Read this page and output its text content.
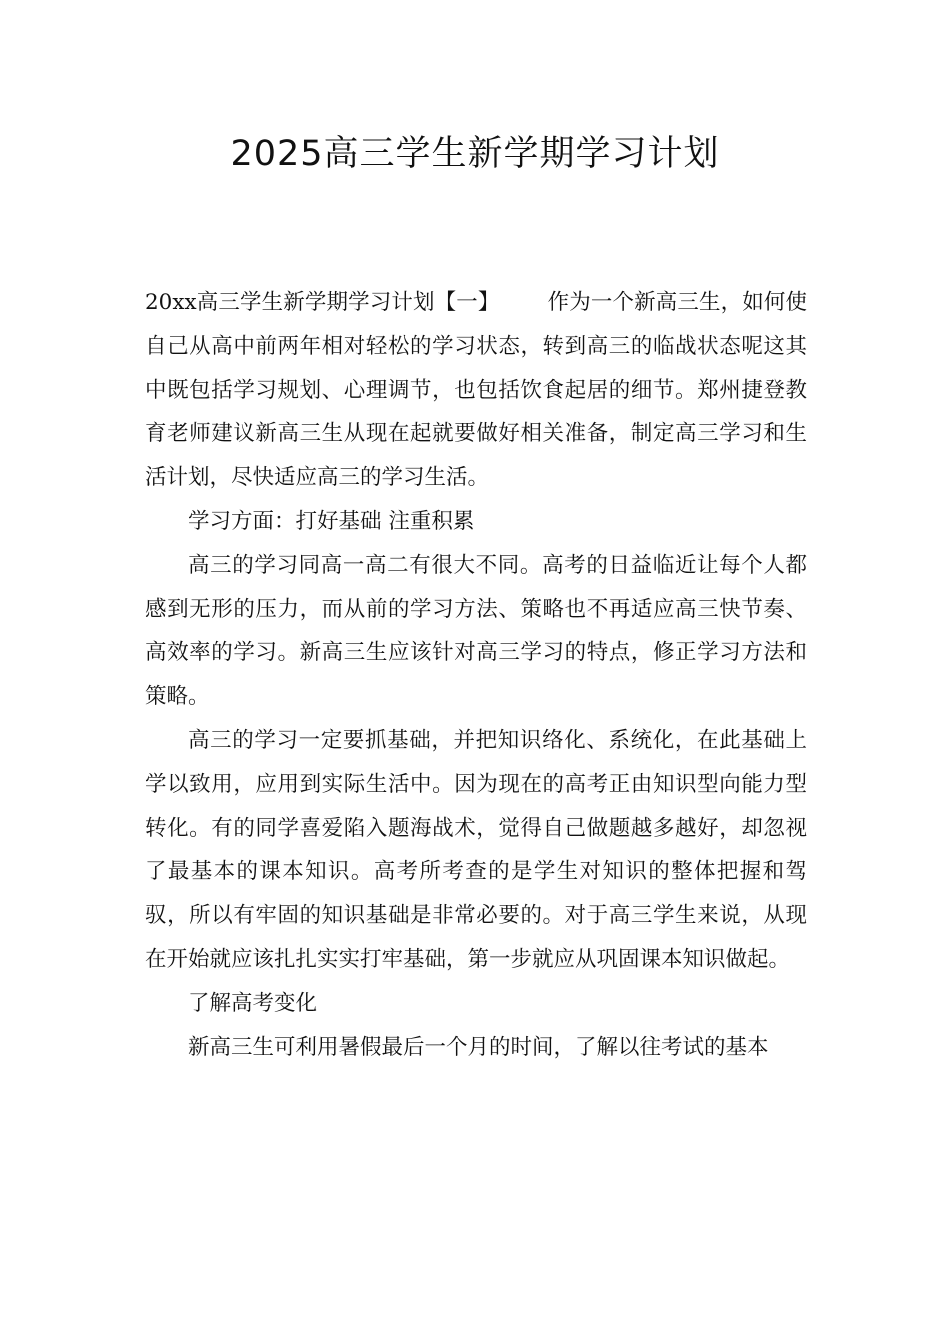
2025高三学生新学期学习计划

20xx高三学生新学期学习计划【一】 作为一个新高三生，如何使自己从高中前两年相对轻松的学习状态，转到高三的临战状态呢这其中既包括学习规划、心理调节，也包括饮食起居的细节。郑州捷登教育老师建议新高三生从现在起就要做好相关准备，制定高三学习和生活计划，尽快适应高三的学习生活。

学习方面：打好基础 注重积累

高三的学习同高一高二有很大不同。高考的日益临近让每个人都感到无形的压力，而从前的学习方法、策略也不再适应高三快节奏、高效率的学习。新高三生应该针对高三学习的特点，修正学习方法和策略。

高三的学习一定要抓基础，并把知识络化、系统化，在此基础上学以致用，应用到实际生活中。因为现在的高考正由知识型向能力型转化。有的同学喜爱陷入题海战术，觉得自己做题越多越好，却忽视了最基本的课本知识。高考所考查的是学生对知识的整体把握和驾驭，所以有牢固的知识基础是非常必要的。对于高三学生来说，从现在开始就应该扎扎实实打牢基础，第一步就应从巩固课本知识做起。

了解高考变化

新高三生可利用暑假最后一个月的时间，了解以往考试的基本
